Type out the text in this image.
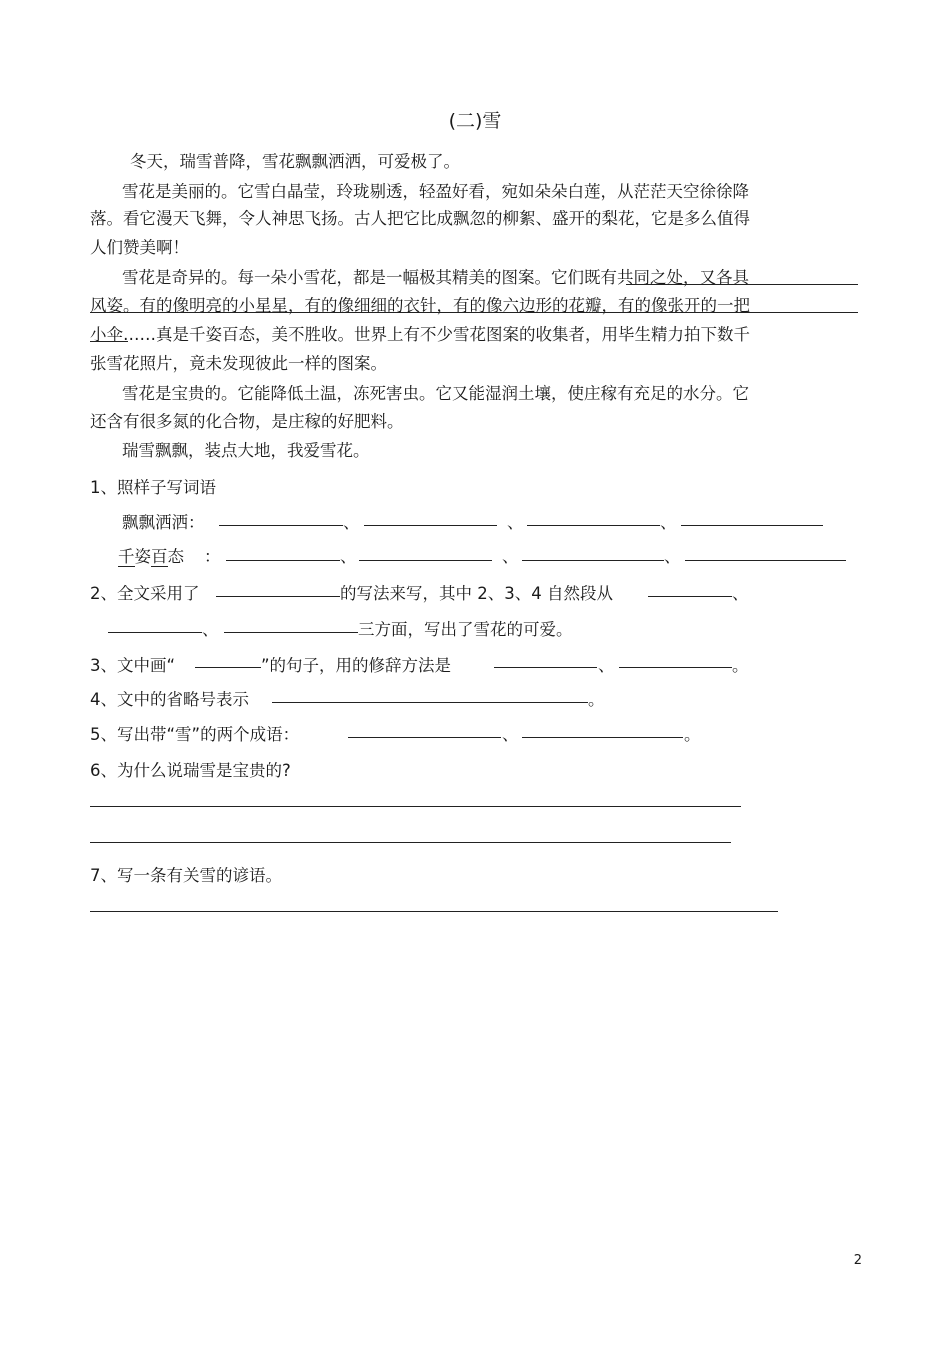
(二)雪
冬天，瑞雪普降，雪花飘飘洒洒，可爱极了。
雪花是美丽的。它雪白晶莹，玲珑剔透，轻盈好看，宛如朵朵白莲，从茫茫天空徐徐降
落。看它漫天飞舞，令人神思飞扬。古人把它比成飘忽的柳絮、盛开的梨花，它是多么值得
人们赞美啊！
雪花是奇异的。每一朵小雪花，都是一幅极其精美的图案。它们既有共同之处，又各具
风姿。有的像明亮的小星星，有的像细细的衣针，有的像六边形的花瓣，有的像张开的一把
小伞……真是千姿百态，美不胜收。世界上有不少雪花图案的收集者，用毕生精力拍下数千
张雪花照片，竟未发现彼此一样的图案。
雪花是宝贵的。它能降低土温，冻死害虫。它又能湿润土壤，使庄稼有充足的水分。它
还含有很多氮的化合物，是庄稼的好肥料。
瑞雪飘飘，装点大地，我爱雪花。
1、照样子写词语
飘飘洒洒：	、	、	、
千姿百态 ：	、	、	、
2、全文采用了	的写法来写，其中 2、3、4 自然段从	、
、	三方面，写出了雪花的可爱。
3、文中画“	”的句子，用的修辞方法是	、	。
4、文中的省略号表示	。
5、写出带“雪”的两个成语：	、	。
6、为什么说瑞雪是宝贵的?
7、写一条有关雪的谚语。
2
